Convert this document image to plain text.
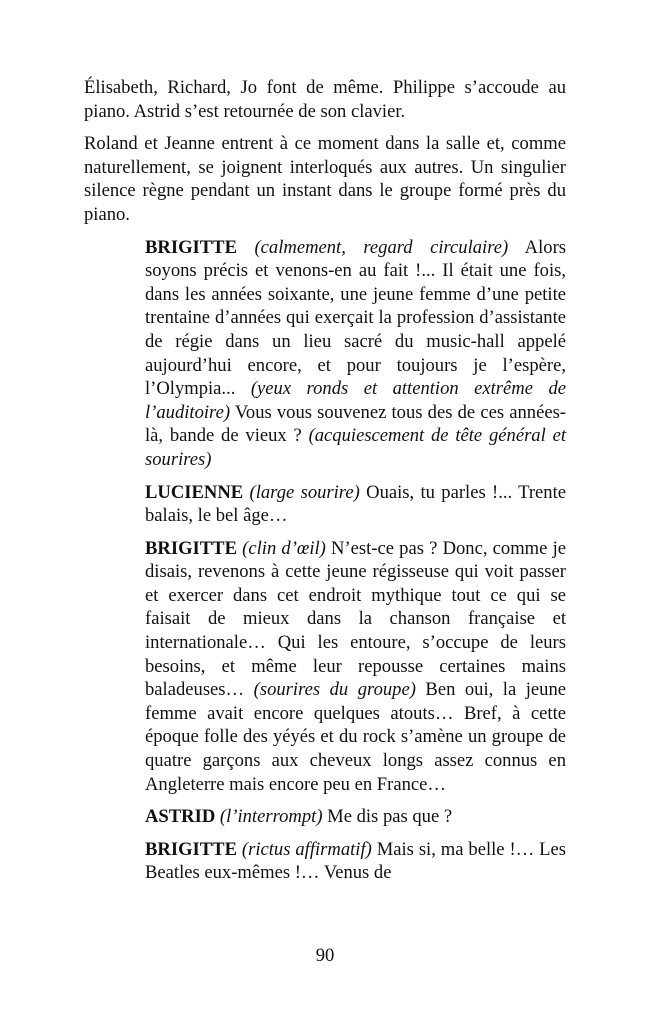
Élisabeth, Richard, Jo font de même. Philippe s’accoude au piano. Astrid s’est retournée de son clavier.

Roland et Jeanne entrent à ce moment dans la salle et, comme naturellement, se joignent interloqués aux autres. Un singulier silence règne pendant un instant dans le groupe formé près du piano.

BRIGITTE (calmement, regard circulaire) Alors soyons précis et venons-en au fait !... Il était une fois, dans les années soixante, une jeune femme d’une petite trentaine d’années qui exerçait la profession d’assistante de régie dans un lieu sacré du music-hall appelé aujourd’hui encore, et pour toujours je l’espère, l’Olympia... (yeux ronds et attention extrême de l’auditoire) Vous vous souvenez tous des de ces années-là, bande de vieux ? (acquiescement de tête général et sourires)

LUCIENNE (large sourire) Ouais, tu parles !... Trente balais, le bel âge…

BRIGITTE (clin d’œil) N’est-ce pas ? Donc, comme je disais, revenons à cette jeune régisseuse qui voit passer et exercer dans cet endroit mythique tout ce qui se faisait de mieux dans la chanson française et internationale… Qui les entoure, s’occupe de leurs besoins, et même leur repousse certaines mains baladeuses… (sourires du groupe) Ben oui, la jeune femme avait encore quelques atouts… Bref, à cette époque folle des yéyés et du rock s’amène un groupe de quatre garçons aux cheveux longs assez connus en Angleterre mais encore peu en France…

ASTRID (l’interrompt) Me dis pas que ?

BRIGITTE (rictus affirmatif) Mais si, ma belle !… Les Beatles eux-mêmes !… Venus de

90
